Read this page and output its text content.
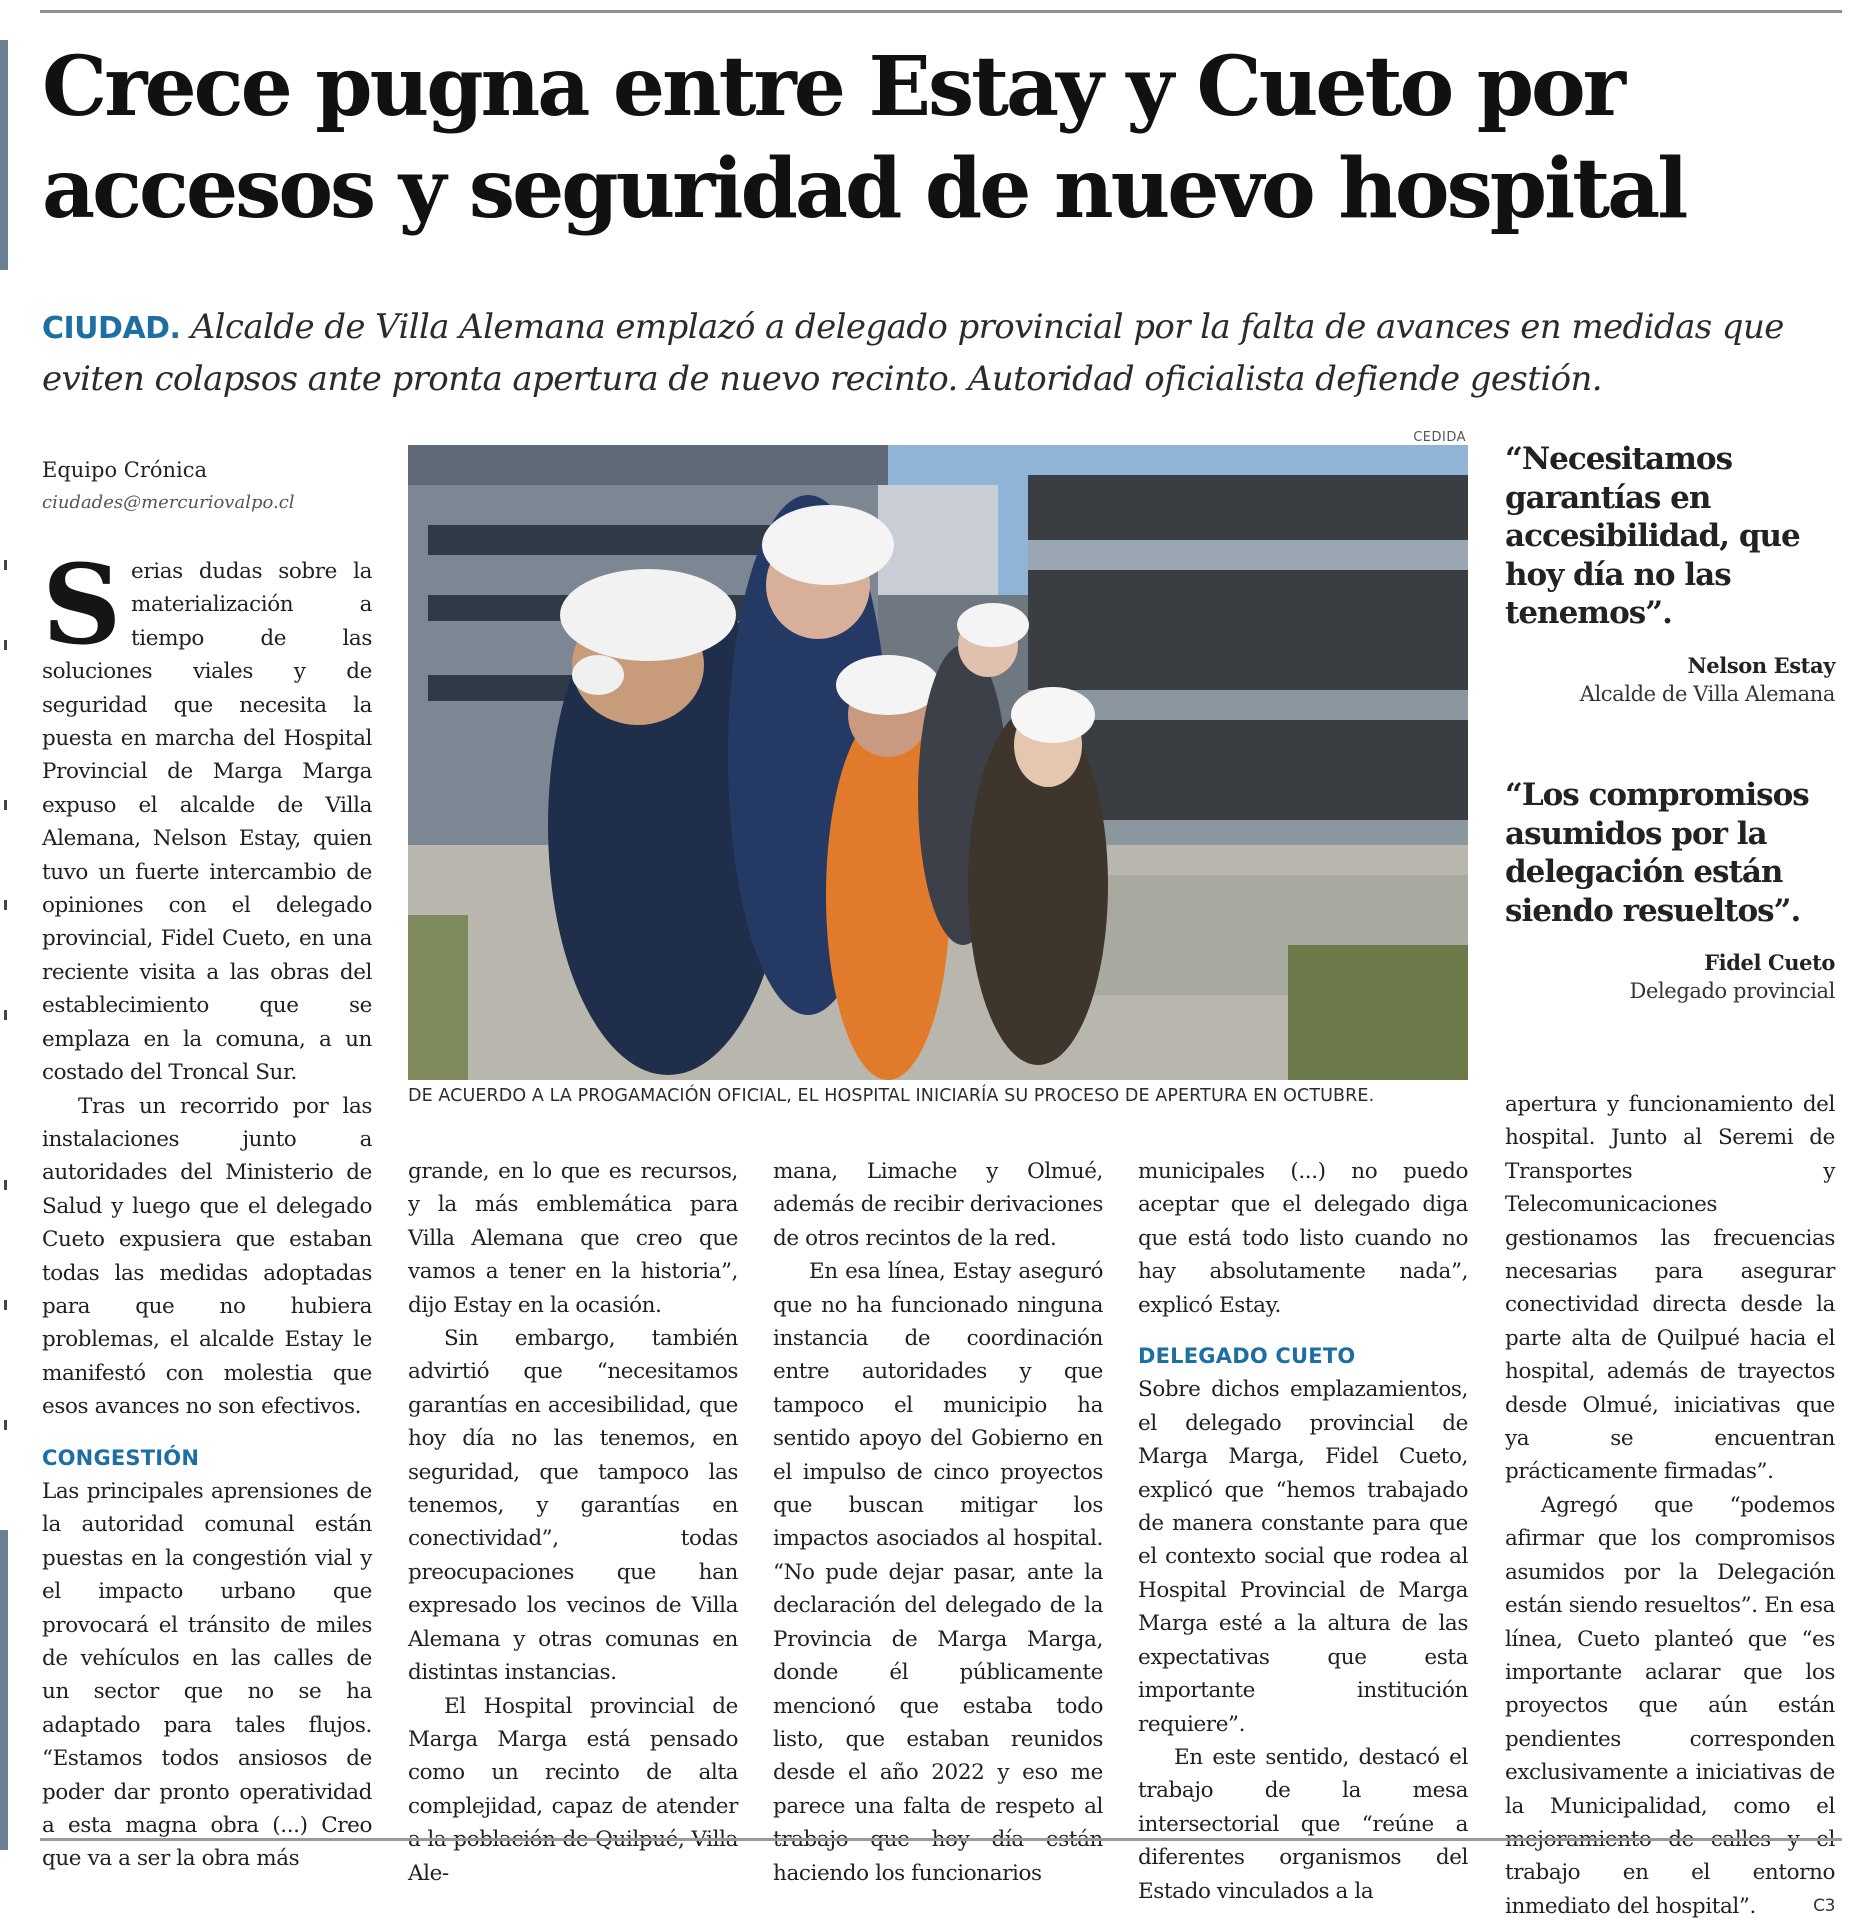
Crece pugna entre Estay y Cueto por accesos y seguridad de nuevo hospital

CIUDAD. Alcalde de Villa Alemana emplazó a delegado provincial por la falta de avances en medidas que eviten colapsos ante pronta apertura de nuevo recinto. Autoridad oficialista defiende gestión.

Equipo Crónica
ciudades@mercuriovalpo.cl
S erias dudas sobre la materialización a tiempo de las soluciones viales y de seguridad que necesita la puesta en marcha del Hospital Provincial de Marga Marga expuso el alcalde de Villa Alemana, Nelson Estay, quien tuvo un fuerte intercambio de opiniones con el delegado provincial, Fidel Cueto, en una reciente visita a las obras del establecimiento que se emplaza en la comuna, a un costado del Troncal Sur.

Tras un recorrido por las instalaciones junto a autoridades del Ministerio de Salud y luego que el delegado Cueto expusiera que estaban todas las medidas adoptadas para que no hubiera problemas, el alcalde Estay le manifestó con molestia que esos avances no son efectivos.

CONGESTIÓN

Las principales aprensiones de la autoridad comunal están puestas en la congestión vial y el impacto urbano que provocará el tránsito de miles de vehículos en las calles de un sector que no se ha adaptado para tales flujos. “Estamos todos ansiosos de poder dar pronto operatividad a esta magna obra (...) Creo que va a ser la obra más

CEDIDA
DE ACUERDO A LA PROGAMACIÓN OFICIAL, EL HOSPITAL INICIARÍA SU PROCESO DE APERTURA EN OCTUBRE.

“Necesitamos garantías en accesibilidad, que hoy día no las tenemos”.

Nelson Estay
Alcalde de Villa Alemana

“Los compromisos asumidos por la delegación están siendo resueltos”.

Fidel Cueto
Delegado provincial

grande, en lo que es recursos, y la más emblemática para Villa Alemana que creo que vamos a tener en la historia”, dijo Estay en la ocasión.

Sin embargo, también advirtió que “necesitamos garantías en accesibilidad, que hoy día no las tenemos, en seguridad, que tampoco las tenemos, y garantías en conectividad”, todas preocupaciones que han expresado los vecinos de Villa Alemana y otras comunas en distintas instancias.

El Hospital provincial de Marga Marga está pensado como un recinto de alta complejidad, capaz de atender a la población de Quilpué, Villa Ale-

mana, Limache y Olmué, además de recibir derivaciones de otros recintos de la red.

En esa línea, Estay aseguró que no ha funcionado ninguna instancia de coordinación entre autoridades y que tampoco el municipio ha sentido apoyo del Gobierno en el impulso de cinco proyectos que buscan mitigar los impactos asociados al hospital. “No pude dejar pasar, ante la declaración del delegado de la Provincia de Marga Marga, donde él públicamente mencionó que estaba todo listo, que estaban reunidos desde el año 2022 y eso me parece una falta de respeto al trabajo que hoy día están haciendo los funcionarios

municipales (...) no puedo aceptar que el delegado diga que está todo listo cuando no hay absolutamente nada”, explicó Estay.

DELEGADO CUETO

Sobre dichos emplazamientos, el delegado provincial de Marga Marga, Fidel Cueto, explicó que “hemos trabajado de manera constante para que el contexto social que rodea al Hospital Provincial de Marga Marga esté a la altura de las expectativas que esta importante institución requiere”.

En este sentido, destacó el trabajo de la mesa intersectorial que “reúne a diferentes organismos del Estado vinculados a la

apertura y funcionamiento del hospital. Junto al Seremi de Transportes y Telecomunicaciones gestionamos las frecuencias necesarias para asegurar conectividad directa desde la parte alta de Quilpué hacia el hospital, además de trayectos desde Olmué, iniciativas que ya se encuentran prácticamente firmadas”.

Agregó que “podemos afirmar que los compromisos asumidos por la Delegación están siendo resueltos”. En esa línea, Cueto planteó que “es importante aclarar que los proyectos que aún están pendientes corresponden exclusivamente a iniciativas de la Municipalidad, como el mejoramiento de calles y el trabajo en el entorno inmediato del hospital”.	C3
